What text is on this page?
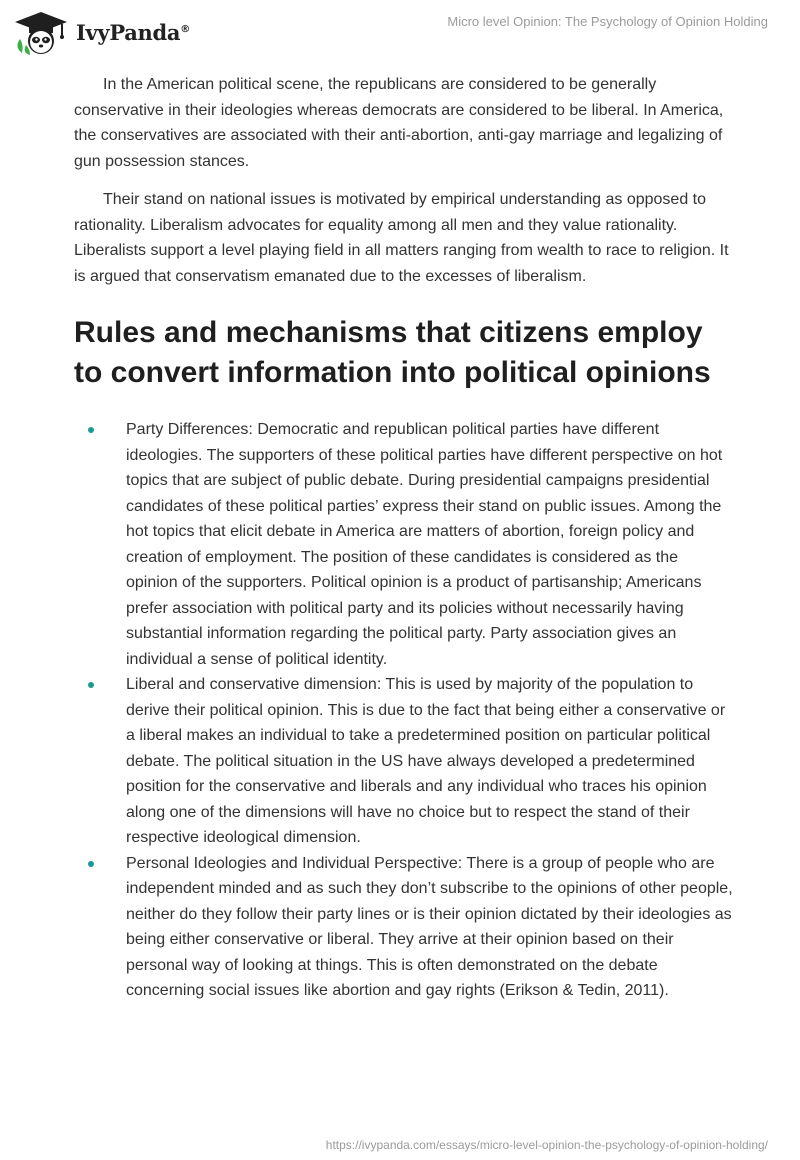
IvyPanda®	Micro level Opinion: The Psychology of Opinion Holding

In the American political scene, the republicans are considered to be generally conservative in their ideologies whereas democrats are considered to be liberal. In America, the conservatives are associated with their anti-abortion, anti-gay marriage and legalizing of gun possession stances.

Their stand on national issues is motivated by empirical understanding as opposed to rationality. Liberalism advocates for equality among all men and they value rationality. Liberalists support a level playing field in all matters ranging from wealth to race to religion. It is argued that conservatism emanated due to the excesses of liberalism.

Rules and mechanisms that citizens employ to convert information into political opinions
Party Differences: Democratic and republican political parties have different ideologies. The supporters of these political parties have different perspective on hot topics that are subject of public debate. During presidential campaigns presidential candidates of these political parties’ express their stand on public issues. Among the hot topics that elicit debate in America are matters of abortion, foreign policy and creation of employment. The position of these candidates is considered as the opinion of the supporters. Political opinion is a product of partisanship; Americans prefer association with political party and its policies without necessarily having substantial information regarding the political party. Party association gives an individual a sense of political identity.
Liberal and conservative dimension: This is used by majority of the population to derive their political opinion. This is due to the fact that being either a conservative or a liberal makes an individual to take a predetermined position on particular political debate. The political situation in the US have always developed a predetermined position for the conservative and liberals and any individual who traces his opinion along one of the dimensions will have no choice but to respect the stand of their respective ideological dimension.
Personal Ideologies and Individual Perspective: There is a group of people who are independent minded and as such they don’t subscribe to the opinions of other people, neither do they follow their party lines or is their opinion dictated by their ideologies as being either conservative or liberal. They arrive at their opinion based on their personal way of looking at things. This is often demonstrated on the debate concerning social issues like abortion and gay rights (Erikson & Tedin, 2011).
https://ivypanda.com/essays/micro-level-opinion-the-psychology-of-opinion-holding/
